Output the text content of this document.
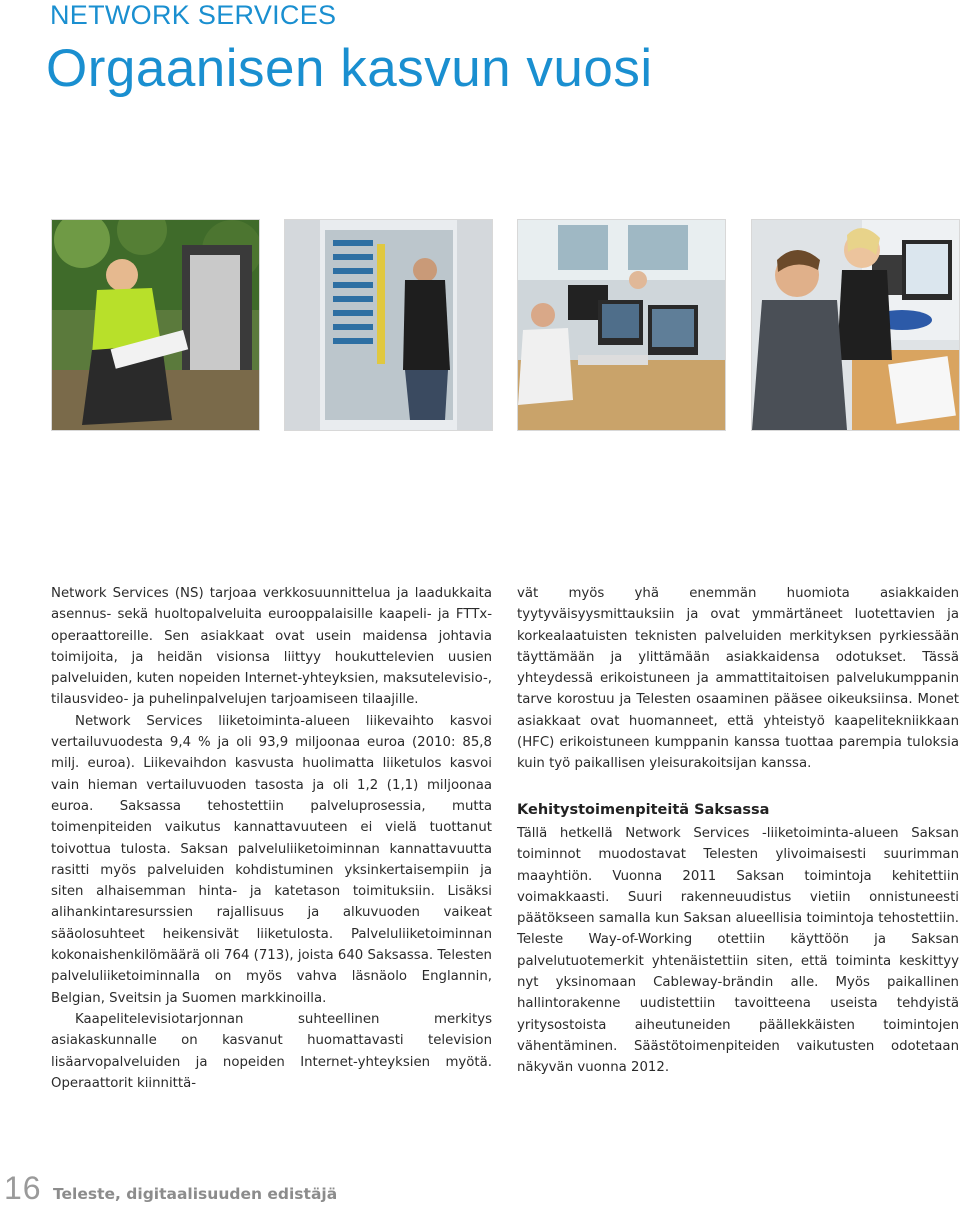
NETWORK SERVICES
Orgaanisen kasvun vuosi

Network Services (NS) tarjoaa verkkosuunnittelua ja laadukkaita asennus- sekä huoltopalveluita eurooppalaisille kaapeli- ja FTTx-operaattoreille. Sen asiakkaat ovat usein maidensa johtavia toimijoita, ja heidän visionsa liittyy houkuttelevien uusien palveluiden, kuten nopeiden Internet-yhteyksien, maksutelevisio-, tilausvideo- ja puhelinpalvelujen tarjoamiseen tilaajille.

Network Services liiketoiminta-alueen liikevaihto kasvoi vertailuvuodesta 9,4 % ja oli 93,9 miljoonaa euroa (2010: 85,8 milj. euroa). Liikevaihdon kasvusta huolimatta liiketulos kasvoi vain hieman vertailuvuoden tasosta ja oli 1,2 (1,1) miljoonaa euroa. Saksassa tehostettiin palveluprosessia, mutta toimenpiteiden vaikutus kannattavuuteen ei vielä tuottanut toivottua tulosta. Saksan palveluliiketoiminnan kannattavuutta rasitti myös palveluiden kohdistuminen yksinkertaisempiin ja siten alhaisemman hinta- ja katetason toimituksiin. Lisäksi alihankintaresurssien rajallisuus ja alkuvuoden vaikeat sääolosuhteet heikensivät liiketulosta. Palveluliiketoiminnan kokonaishenkilömäärä oli 764 (713), joista 640 Saksassa. Telesten palveluliiketoiminnalla on myös vahva läsnäolo Englannin, Belgian, Sveitsin ja Suomen markkinoilla.

Kaapelitelevisiotarjonnan suhteellinen merkitys asiakaskunnalle on kasvanut huomattavasti television lisäarvopalveluiden ja nopeiden Internet-yhteyksien myötä. Operaattorit kiinnittä-

vät myös yhä enemmän huomiota asiakkaiden tyytyväisyysmittauksiin ja ovat ymmärtäneet luotettavien ja korkealaatuisten teknisten palveluiden merkityksen pyrkiessään täyttämään ja ylittämään asiakkaidensa odotukset. Tässä yhteydessä erikoistuneen ja ammattitaitoisen palvelukumppanin tarve korostuu ja Telesten osaaminen pääsee oikeuksiinsa. Monet asiakkaat ovat huomanneet, että yhteistyö kaapelitekniikkaan (HFC) erikoistuneen kumppanin kanssa tuottaa parempia tuloksia kuin työ paikallisen yleisurakoitsijan kanssa.

Kehitystoimenpiteitä Saksassa

Tällä hetkellä Network Services -liiketoiminta-alueen Saksan toiminnot muodostavat Telesten ylivoimaisesti suurimman maayhtiön. Vuonna 2011 Saksan toimintoja kehitettiin voimakkaasti. Suuri rakenneuudistus vietiin onnistuneesti päätökseen samalla kun Saksan alueellisia toimintoja tehostettiin. Teleste Way-of-Working otettiin käyttöön ja Saksan palvelutuotemerkit yhtenäistettiin siten, että toiminta keskittyy nyt yksinomaan Cableway-brändin alle. Myös paikallinen hallintorakenne uudistettiin tavoitteena useista tehdyistä yritysostoista aiheutuneiden päällekkäisten toimintojen vähentäminen. Säästötoimenpiteiden vaikutusten odotetaan näkyvän vuonna 2012.

16 Teleste, digitaalisuuden edistäjä
